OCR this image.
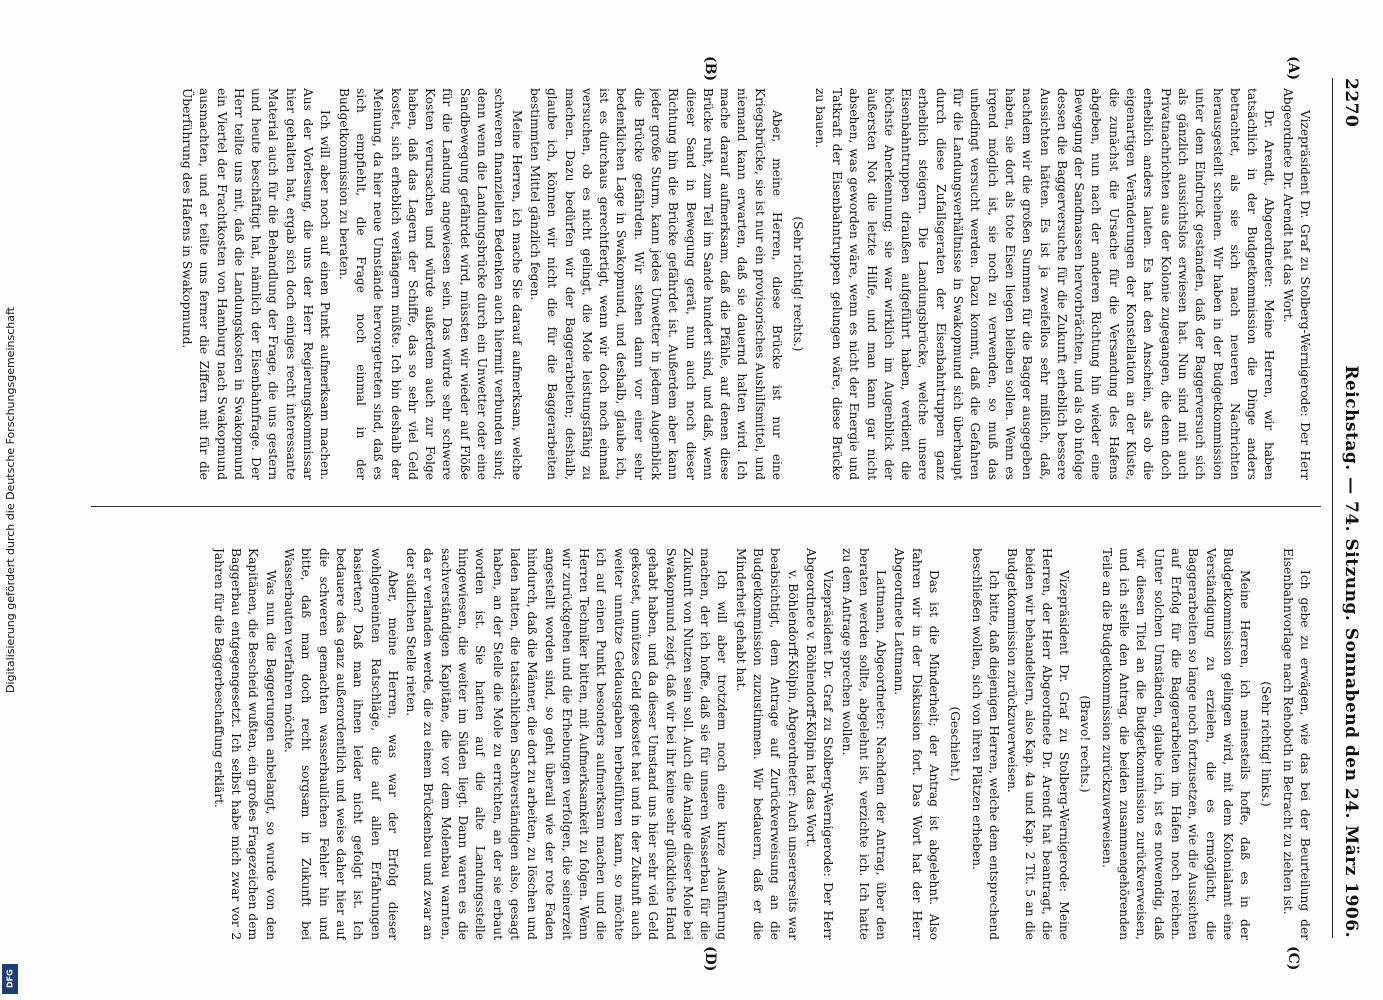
2270
Reichstag. — 74. Sitzung. Sonnabend den 24. März 1906.
(A)
(B)
(C)
(D)

Vizepräsident Dr. Graf zu Stolberg-Wernigerode: Der Herr Abgeordnete Dr. Arendt hat das Wort.

Dr. Arendt, Abgeordneter: Meine Herren, wir haben tatsächlich in der Budgetkommission die Dinge anders betrachtet, als sie sich nach neueren Nachrichten herausgestellt scheinen. Wir haben in der Budgetkommission unter dem Eindruck gestanden, daß der Baggerversuch sich als gänzlich aussichtslos erwiesen hat. Nun sind mit auch Privatnachrichten aus der Kolonie zugegangen, die denn doch erheblich anders lauten. Es hat den Anschein, als ob die eigenartigen Veränderungen der Konstellation an der Küste, die zunächst die Ursache für die Versandung des Hafens abgeben, nun nach der anderen Richtung hin wieder eine Bewegung der Sandmassen hervorbrächten, und als ob infolge dessen die Baggerversuche für die Zukunft erheblich bessere Aussichten hätten. Es ist ja zweifellos sehr mißlich, daß, nachdem wir die großen Summen für die Bagger ausgegeben haben, sie dort als tote Eisen liegen bleiben sollen. Wenn es irgend möglich ist, sie noch zu verwenden, so muß das unbedingt versucht werden. Dazu kommt, daß die Gefahren für die Landungsverhältnisse in Swakopmund sich überhaupt durch diese Zufallsgeraten der Eisenbahntruppen ganz erheblich steigern. Die Landungsbrücke, welche unsere Eisenbahntruppen draußen aufgeführt haben, verdient die höchste Anerkennung; sie war wirklich im Augenblick der äußersten Not die letzte Hilfe, und man kann gar nicht absehen, was geworden wäre, wenn es nicht der Energie und Tatkraft der Eisenbahntruppen gelungen wäre, diese Brücke zu bauen.

(Sehr richtig! rechts.)

Aber, meine Herren, diese Brücke ist nur eine Kriegsbrücke, sie ist nur ein provisorisches Aushilfsmittel, und niemand kann erwarten, daß sie dauernd halten wird. Ich mache darauf aufmerksam, daß die Pfähle, auf denen diese Brücke ruht, zum Teil im Sande hundert sind, und daß, wenn dieser Sand in Bewegung gerät, nun auch noch dieser Richtung hin die Brücke gefährdet ist. Außerdem aber kann jeder große Sturm, kann jedes Unwetter in jedem Augenblick die Brücke gefährden. Wir stehen dann vor einer sehr bedenklichen Lage in Swakopmund, und deshalb, glaube ich, ist es durchaus gerechtfertigt, wenn wir doch noch einmal versuchen, ob es nicht gelingt, die Mole leistungsfähig zu machen. Dazu bedürfen wir der Baggerarbeiten; deshalb, glaube ich, können wir nicht die für die Baggerarbeiten bestimmten Mittel gänzlich fegen.

Meine Herren, ich mache Sie darauf aufmerksam, welche schweren finanziellen Bedenken auch hiermit verbunden sind; denn wenn die Landungsbrücke durch ein Unwetter oder eine Sandbewegung gefährdet wird, müssten wir wieder auf Flöße für die Landung angewiesen sein. Das würde sehr schwere Kosten verursachen und würde außerdem auch zur Folge haben, daß das Lagern der Schiffe, das so sehr viel Geld kostet, sich erheblich verlängern müßte. Ich bin deshalb der Meinung, da hier neue Umstände hervorgetreten sind, daß es sich empfiehlt, die Frage noch einmal in der Budgetkommission zu beraten.

Ich will aber noch auf einen Punkt aufmerksam machen. Aus der Vorlesung, die uns der Herr Regierungskommissar hier gehalten hat, ergab sich doch einiges recht interessante Material auch für die Behandlung der Frage, die uns gestern und heute beschäftigt hat, nämlich der Eisenbahnfrage. Der Herr teilte uns mit, daß die Landungskosten in Swakopmund ein Viertel der Frachtkosten von Hamburg nach Swakopmund ausmachten, und er teilte uns ferner die Ziffern mit für die Überführung des Hafens in Swakopmund.

Ich gebe zu erwägen, wie das bei der Beurteilung der Eisenbahnvorlage nach Rehoboth in Betracht zu ziehen ist.

(Sehr richtig! links.)

Meine Herren, ich meinesteils hoffe, daß es in der Budgetkommission gelingen wird, mit dem Kolonialamt eine Verständigung zu erzielen, die es ermöglicht, die Baggerarbeiten so lange noch fortzusetzen, wie die Aussichten auf Erfolg für die Baggerarbeiten im Hafen noch reichen. Unter solchen Umständen, glaube ich, ist es notwendig, daß wir diesen Titel an die Budgetkommission zurückverweisen, und ich stelle den Antrag, die beiden zusammengehörenden Teile an die Budgetkommission zurückzuverweisen.

(Bravo! rechts.)

Vizepräsident Dr. Graf zu Stolberg-Wernigerode: Meine Herren, der Herr Abgeordnete Dr. Arendt hat beantragt, die beiden wir behandeltern, also Kap. 4a und Kap. 2 Tit. 5 an die Budgetkommission zurückzuverweisen.

Ich bitte, daß diejenigen Herren, welche dem entsprechend beschließen wollen, sich von ihren Plätzen erheben.

(Geschieht.)

Das ist die Minderheit; der Antrag ist abgelehnt. Also fahren wir in der Diskussion fort. Das Wort hat der Herr Abgeordnete Lattmann.

Lattmann, Abgeordneter: Nachdem der Antrag, über den beraten werden sollte, abgelehnt ist, verzichte ich. Ich hatte zu dem Antrage sprechen wollen.

Vizepräsident Dr. Graf zu Stolberg-Wernigerode: Der Herr Abgeordnete v. Böhlendorff-Kölpin hat das Wort.

v. Böhlendorff-Kölpin, Abgeordneter: Auch unsererseits war beabsichtigt, dem Antrage auf Zurückverweisung an die Budgetkommission zuzustimmen. Wir bedauern, daß er die Minderheit gehabt hat.

Ich will aber trotzdem noch eine kurze Ausführung machen, der ich hoffe, daß sie für unseren Wasserbau für die Zukunft von Nutzen sein soll. Auch die Anlage dieser Mole bei Swakopmund zeigt, daß wir bei ihr keine sehr glückliche Hand gehabt haben, und da dieser Umstand uns hier sehr viel Geld gekostet, unnützes Geld gekostet hat und in der Zukunft auch weiter unnütze Geldausgaben herbeiführen kann, so möchte ich auf einen Punkt besonders aufmerksam machen und die Herren Techniker bitten, mit Aufmerksamkeit zu folgen. Wenn wir zurückgehen und die Erhebungen verfolgen, die seinerzeit angestellt worden sind, so geht überall wie der rote Faden hindurch, daß die Männer, die dort zu arbeiten, zu löschen und laden hatten, die tatsächlichen Sachverständigen also, gesagt haben, an der Stelle die Mole zu errichten, an der sie erbaut worden ist. Sie hatten auf die alte Landungsstelle hingewiesen, die weiter im Süden liegt. Dann waren es die sachverständigen Kapitäne, die vor dem Molenbau warnten, da er verlanden werde, die zu einem Brückenbau und zwar an der südlichen Stelle rieten.

Aber, meine Herren, was war der Erfolg dieser wohlgemeinten Ratschläge, die auf allen Erfahrungen basierten? Daß man ihnen leider nicht gefolgt ist. Ich bedauere das ganz außerordentlich und weise daher hier auf die schweren gemachten wasserbaulichen Fehler hin und bitte, daß man doch recht sorgsam in Zukunft bei Wasserbauten verfahren möchte.

Was nun die Baggerungen anbelangt, so wurde von den Kapitänen, die Bescheid wußten, ein großes Fragezeichen dem Baggerbau entgegengesetzt. Ich selbst habe mich zwar vor 2 Jahren für die Baggerbeschaffung erklärt.

Digitalisierung gefördert durch die Deutsche Forschungsgemeinschaft
DFG
